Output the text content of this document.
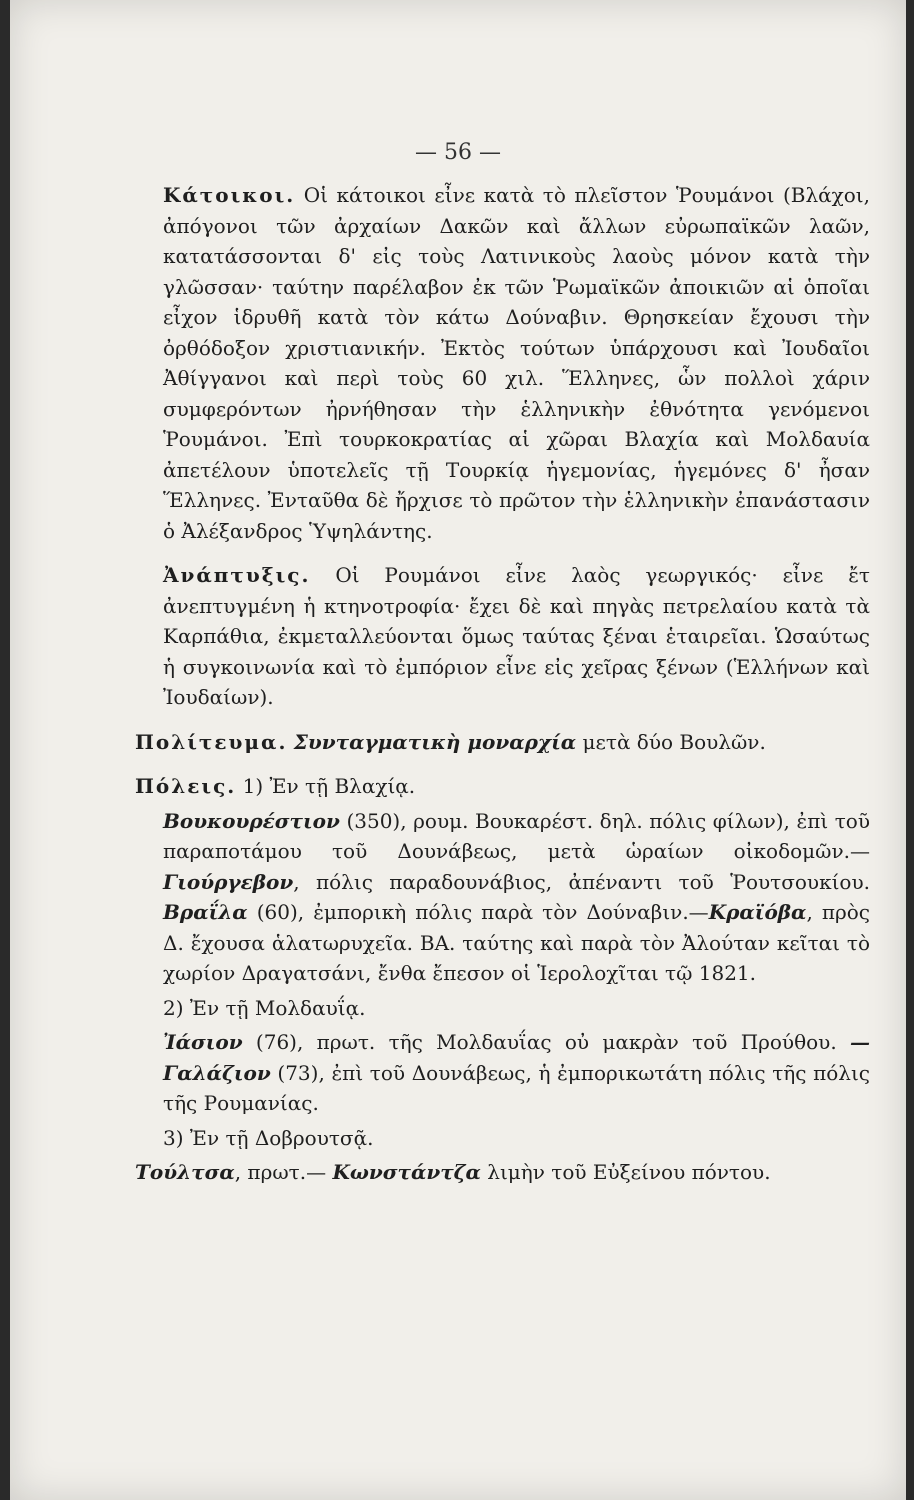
— 56 —

Κάτοικοι. Οἱ κάτοικοι εἶνε κατὰ τὸ πλεῖστον Ῥουμάνοι (Βλάχοι, ἀπόγονοι τῶν ἀρχαίων Δακῶν καὶ ἄλλων εὐρωπαϊκῶν λαῶν, κατατάσσονται δ' εἰς τοὺς Λατινικοὺς λαοὺς μόνον κατὰ τὴν γλῶσσαν· ταύτην παρέλαβον ἐκ τῶν Ῥωμαϊκῶν ἀποικιῶν αἱ ὁποῖαι εἶχον ἱδρυθῆ κατὰ τὸν κάτω Δούναβιν. Θρησκείαν ἔχουσι τὴν ὀρθόδοξον χριστιανικήν. Ἐκτὸς τούτων ὑπάρχουσι καὶ Ἰουδαῖοι Ἀθίγγανοι καὶ περὶ τοὺς 60 χιλ. Ἕλληνες, ὧν πολλοὶ χάριν συμφερόντων ἠρνήθησαν τὴν ἑλληνικὴν ἐθνότητα γενόμενοι Ῥουμάνοι. Ἐπὶ τουρκοκρατίας αἱ χῶραι Βλαχία καὶ Μολδαυία ἀπετέλουν ὑποτελεῖς τῇ Τουρκίᾳ ἡγεμονίας, ἡγεμόνες δ' ἦσαν Ἕλληνες. Ἐνταῦθα δὲ ἤρχισε τὸ πρῶτον τὴν ἑλληνικὴν ἐπανάστασιν ὁ Ἀλέξανδρος Ὑψηλάντης.

Ἀνάπτυξις. Οἱ Ρουμάνοι εἶνε λαὸς γεωργικός· εἶνε ἔτ ἀνεπτυγμένη ἡ κτηνοτροφία· ἔχει δὲ καὶ πηγὰς πετρελαίου κατὰ τὰ Καρπάθια, ἐκμεταλλεύονται ὅμως ταύτας ξέναι ἑταιρεῖαι. Ὡσαύτως ἡ συγκοινωνία καὶ τὸ ἐμπόριον εἶνε εἰς χεῖρας ξένων (Ἑλλήνων καὶ Ἰουδαίων).

Πολίτευμα. Συνταγματικὴ μοναρχία μετὰ δύο Βουλῶν.

Πόλεις. 1) Ἐν τῇ Βλαχίᾳ.

Βουκουρέστιον (350), ρουμ. Βουκαρέστ. δηλ. πόλις φίλων), ἐπὶ τοῦ παραποτάμου τοῦ Δουνάβεως, μετὰ ὡραίων οἰκοδομῶν.— Γιούργεβον, πόλις παραδουνάβιος, ἀπέναντι τοῦ Ῥουτσουκίου. Βραΐλα (60), ἐμπορικὴ πόλις παρὰ τὸν Δούναβιν.—Κραϊόβα, πρὸς Δ. ἔχουσα ἁλατωρυχεῖα. ΒΑ. ταύτης καὶ παρὰ τὸν Ἀλούταν κεῖται τὸ χωρίον Δραγατσάνι, ἔνθα ἔπεσον οἱ Ἱερολοχῖται τῷ 1821.

2) Ἐν τῇ Μολδαυΐᾳ.

Ἰάσιον (76), πρωτ. τῆς Μολδαυΐας οὐ μακρὰν τοῦ Προύθου. —Γαλάζιον (73), ἐπὶ τοῦ Δουνάβεως, ἡ ἐμπορικωτάτη πόλις τῆς πόλις τῆς Ρουμανίας.

3) Ἐν τῇ Δοβρουτσᾷ.

Τούλτσα, πρωτ.— Κωνστάντζα λιμὴν τοῦ Εὐξείνου πόντου.
